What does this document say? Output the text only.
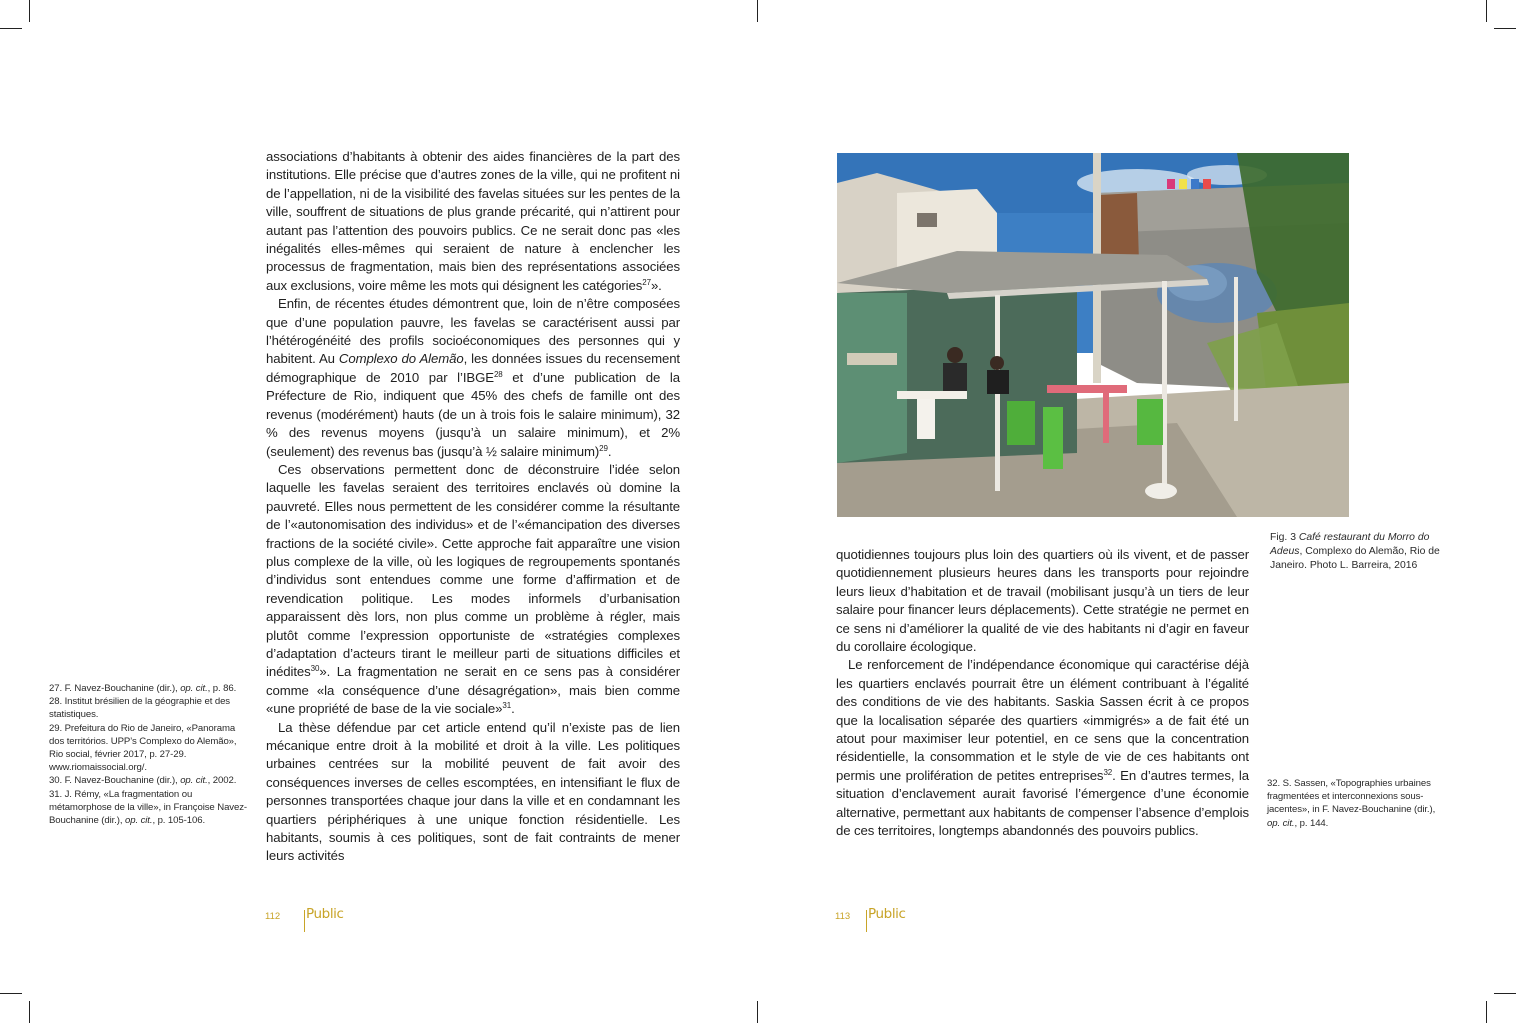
associations d’habitants à obtenir des aides financières de la part des institutions. Elle précise que d’autres zones de la ville, qui ne profitent ni de l’appellation, ni de la visibilité des favelas situées sur les pentes de la ville, souffrent de situations de plus grande précarité, qui n’attirent pour autant pas l’attention des pouvoirs publics. Ce ne serait donc pas «les inégalités elles-mêmes qui seraient de nature à enclencher les processus de fragmentation, mais bien des représentations associées aux exclusions, voire même les mots qui désignent les catégories$^{27}$».

Enfin, de récentes études démontrent que, loin de n’être composées que d’une population pauvre, les favelas se caractérisent aussi par l’hétérogénéité des profils socioéconomiques des personnes qui y habitent. Au Complexo do Alemão, les données issues du recensement démographique de 2010 par l’IBGE$^{28}$ et d’une publication de la Préfecture de Rio, indiquent que 45% des chefs de famille ont des revenus (modérément) hauts (de un à trois fois le salaire minimum), 32 % des revenus moyens (jusqu’à un salaire minimum), et 2% (seulement) des revenus bas (jusqu’à ½ salaire minimum)$^{29}$.

Ces observations permettent donc de déconstruire l’idée selon laquelle les favelas seraient des territoires enclavés où domine la pauvreté. Elles nous permettent de les considérer comme la résultante de l’«autonomisation des individus» et de l’«émancipation des diverses fractions de la société civile». Cette approche fait apparaître une vision plus complexe de la ville, où les logiques de regroupements spontanés d’individus sont entendues comme une forme d’affirmation et de revendication politique. Les modes informels d’urbanisation apparaissent dès lors, non plus comme un problème à régler, mais plutôt comme l’expression opportuniste de «stratégies complexes d’adaptation d’acteurs tirant le meilleur parti de situations difficiles et inédites$^{30}$». La fragmentation ne serait en ce sens pas à considérer comme «la conséquence d’une désagrégation», mais bien comme «une propriété de base de la vie sociale»$^{31}$.

La thèse défendue par cet article entend qu’il n’existe pas de lien mécanique entre droit à la mobilité et droit à la ville. Les politiques urbaines centrées sur la mobilité peuvent de fait avoir des conséquences inverses de celles escomptées, en intensifiant le flux de personnes transportées chaque jour dans la ville et en condamnant les quartiers périphériques à une unique fonction résidentielle. Les habitants, soumis à ces politiques, sont de fait contraints de mener leurs activités

27. F. Navez-Bouchanine (dir.), op. cit., p. 86.

28. Institut brésilien de la géographie et des statistiques.

29. Prefeitura do Rio de Janeiro, «Panorama dos territórios. UPP’s Complexo do Alemão», Rio social, février 2017, p. 27-29. www.riomaissocial.org/.

30. F. Navez-Bouchanine (dir.), op. cit., 2002.

31. J. Rémy, «La fragmentation ou métamorphose de la ville», in Françoise Navez-Bouchanine (dir.), op. cit., p. 105-106.

112 Public

Fig. 3 Café restaurant du Morro do Adeus, Complexo do Alemão, Rio de Janeiro. Photo L. Barreira, 2016

quotidiennes toujours plus loin des quartiers où ils vivent, et de passer quotidiennement plusieurs heures dans les transports pour rejoindre leurs lieux d’habitation et de travail (mobilisant jusqu’à un tiers de leur salaire pour financer leurs déplacements). Cette stratégie ne permet en ce sens ni d’améliorer la qualité de vie des habitants ni d’agir en faveur du corollaire écologique.

Le renforcement de l’indépendance économique qui caractérise déjà les quartiers enclavés pourrait être un élément contribuant à l’égalité des conditions de vie des habitants. Saskia Sassen écrit à ce propos que la localisation séparée des quartiers «immigrés» a de fait été un atout pour maximiser leur potentiel, en ce sens que la concentration résidentielle, la consommation et le style de vie de ces habitants ont permis une prolifération de petites entreprises$^{32}$. En d’autres termes, la situation d’enclavement aurait favorisé l’émergence d’une économie alternative, permettant aux habitants de compenser l’absence d’emplois de ces territoires, longtemps abandonnés des pouvoirs publics.

32. S. Sassen, «Topographies urbaines fragmentées et interconnexions sous-jacentes», in F. Navez-Bouchanine (dir.), op. cit., p. 144.

113 Public
